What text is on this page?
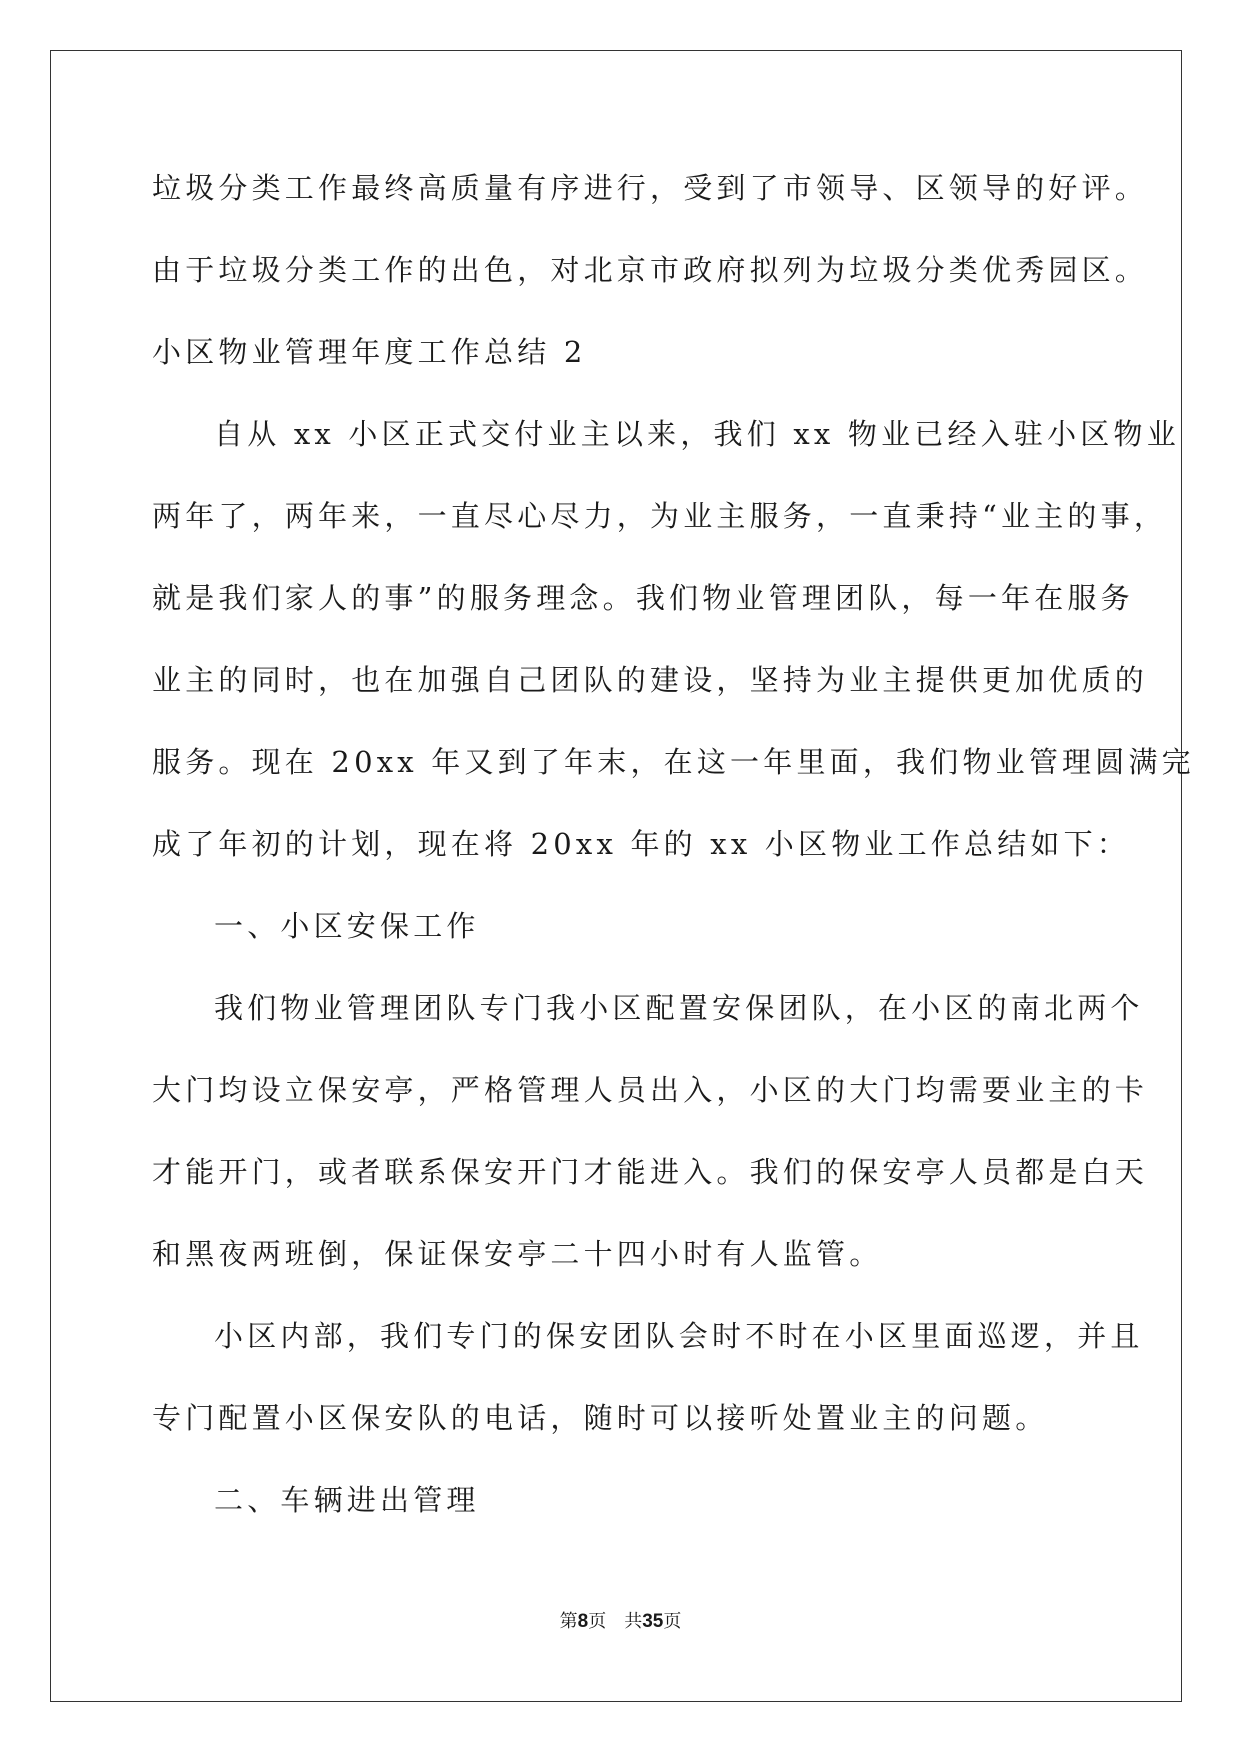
垃圾分类工作最终高质量有序进行，受到了市领导、区领导的好评。
由于垃圾分类工作的出色，对北京市政府拟列为垃圾分类优秀园区。
小区物业管理年度工作总结 2
自从 xx 小区正式交付业主以来，我们 xx 物业已经入驻小区物业
两年了，两年来，一直尽心尽力，为业主服务，一直秉持“业主的事，
就是我们家人的事”的服务理念。我们物业管理团队，每一年在服务
业主的同时，也在加强自己团队的建设，坚持为业主提供更加优质的
服务。现在 20xx 年又到了年末，在这一年里面，我们物业管理圆满完
成了年初的计划，现在将 20xx 年的 xx 小区物业工作总结如下：
一、小区安保工作
我们物业管理团队专门我小区配置安保团队，在小区的南北两个
大门均设立保安亭，严格管理人员出入，小区的大门均需要业主的卡
才能开门，或者联系保安开门才能进入。我们的保安亭人员都是白天
和黑夜两班倒，保证保安亭二十四小时有人监管。
小区内部，我们专门的保安团队会时不时在小区里面巡逻，并且
专门配置小区保安队的电话，随时可以接听处置业主的问题。
二、车辆进出管理
第8页 共35页
